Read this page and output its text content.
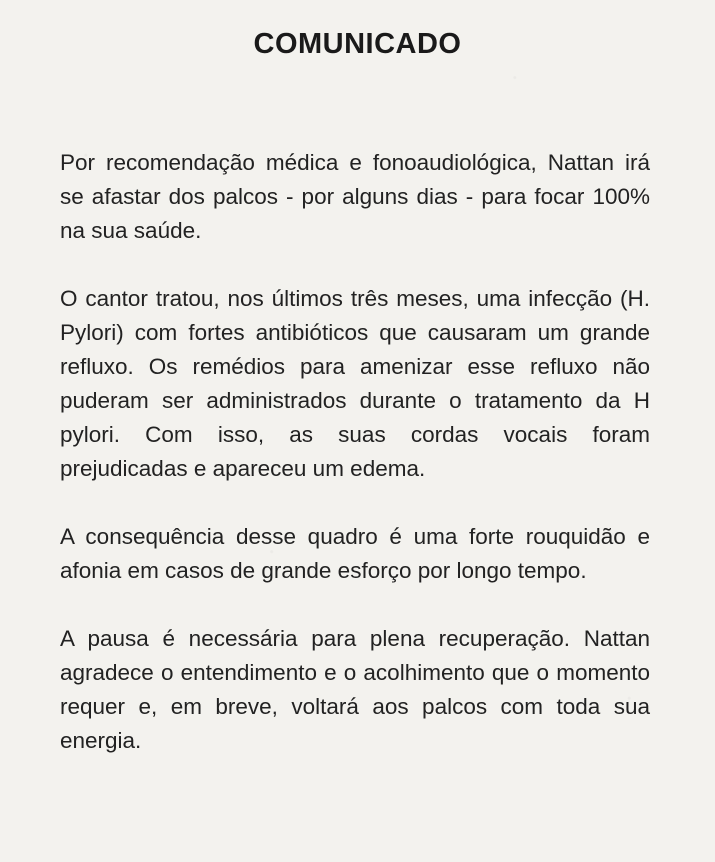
COMUNICADO

Por recomendação médica e fonoaudiológica, Nattan irá se afastar dos palcos - por alguns dias - para focar 100% na sua saúde.

O cantor tratou, nos últimos três meses, uma infecção (H. Pylori) com fortes antibióticos que causaram um grande refluxo. Os remédios para amenizar esse refluxo não puderam ser administrados durante o tratamento da H pylori. Com isso, as suas cordas vocais foram prejudicadas e apareceu um edema.

A consequência desse quadro é uma forte rouquidão e afonia em casos de grande esforço por longo tempo.

A pausa é necessária para plena recuperação. Nattan agradece o entendimento e o acolhimento que o momento requer e, em breve, voltará aos palcos com toda sua energia.
